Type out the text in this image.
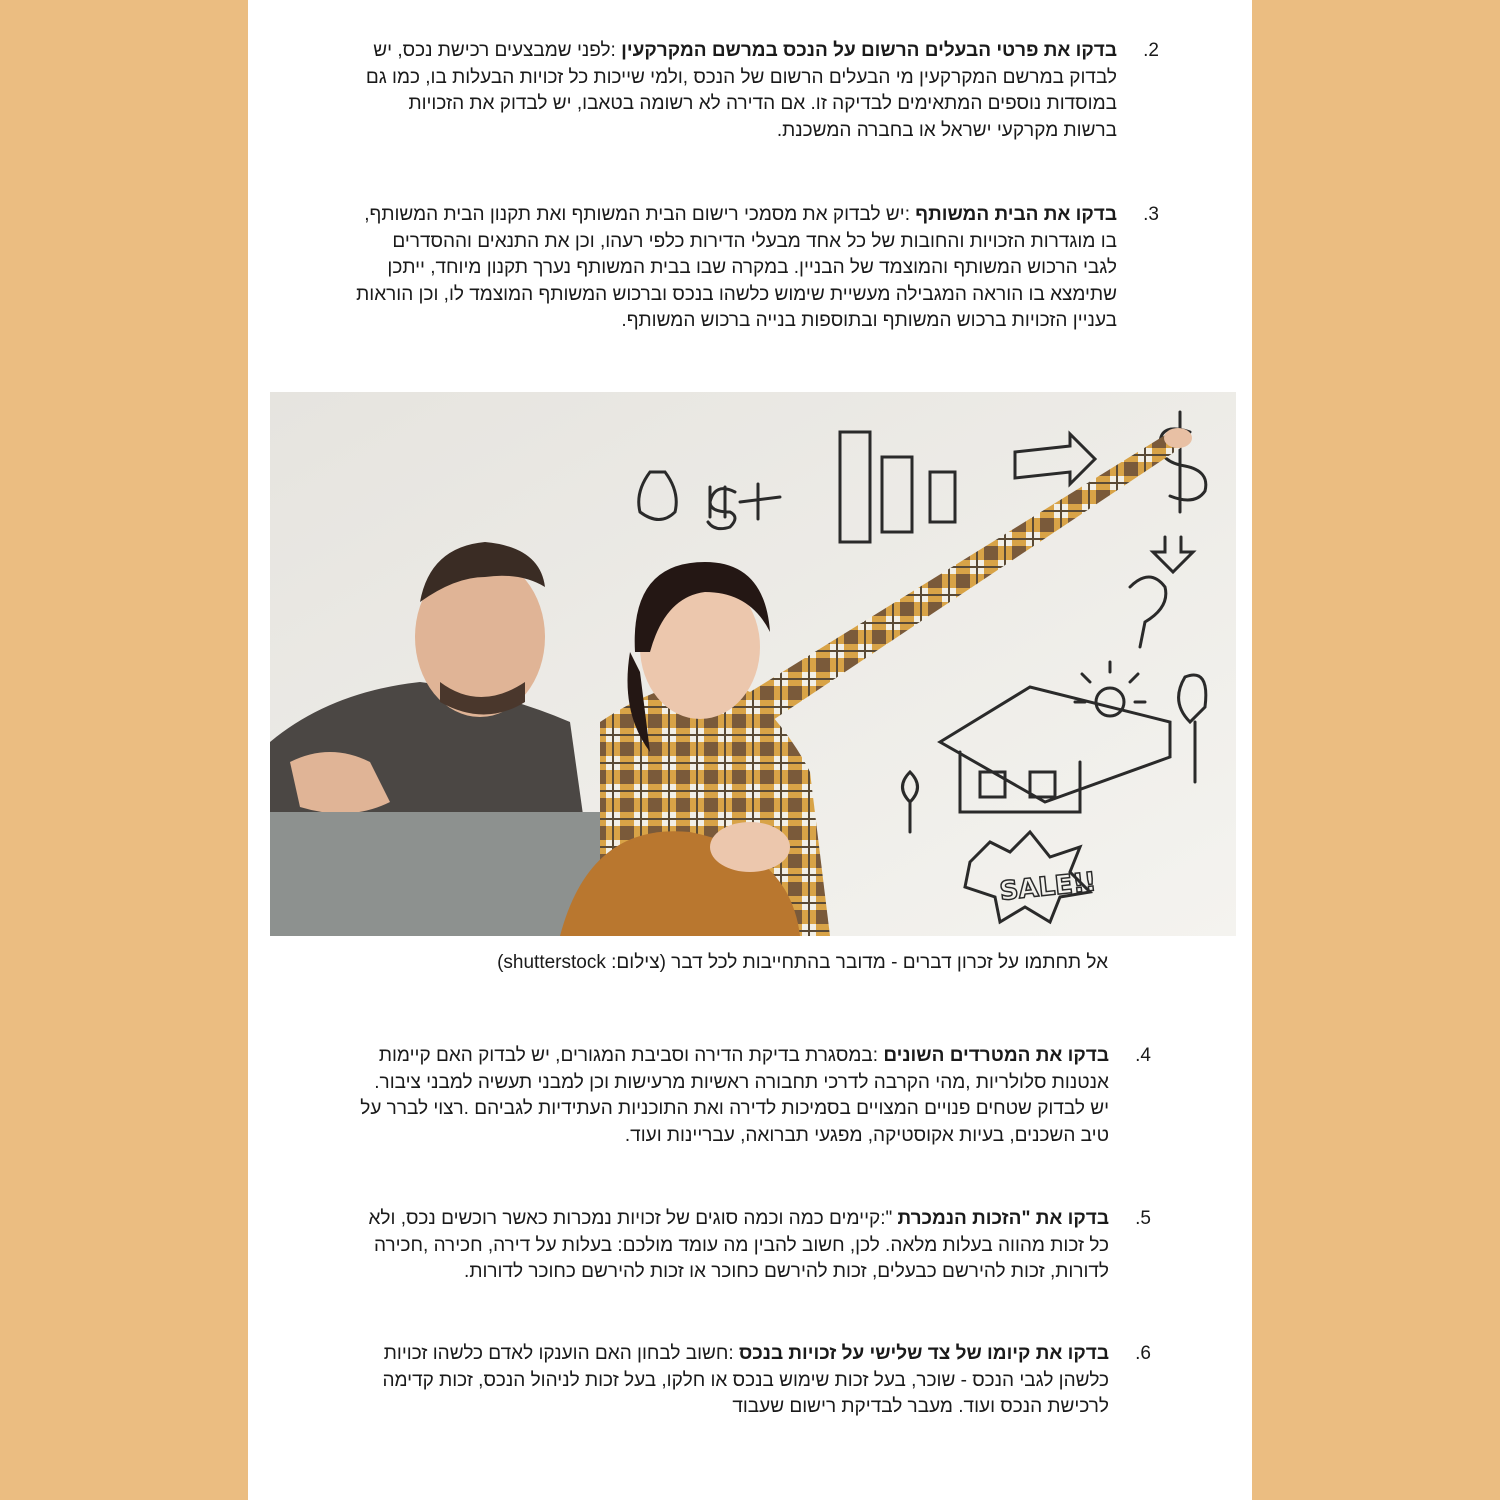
.2
בדקו את פרטי הבעלים הרשום על הנכס במרשם המקרקעין :לפני שמבצעים רכישת נכס, יש לבדוק במרשם המקרקעין מי הבעלים הרשום של הנכס ,ולמי שייכות כל זכויות הבעלות בו, כמו גם במוסדות נוספים המתאימים לבדיקה זו. אם הדירה לא רשומה בטאבו, יש לבדוק את הזכויות ברשות מקרקעי ישראל או בחברה המשכנת.
.3
בדקו את הבית המשותף :יש לבדוק את מסמכי רישום הבית המשותף ואת תקנון הבית המשותף, בו מוגדרות הזכויות והחובות של כל אחד מבעלי הדירות כלפי רעהו, וכן את התנאים וההסדרים לגבי הרכוש המשותף והמוצמד של הבניין. במקרה שבו בבית המשותף נערך תקנון מיוחד, ייתכן שתימצא בו הוראה המגבילה מעשיית שימוש כלשהו בנכס וברכוש המשותף המוצמד לו, וכן הוראות בעניין הזכויות ברכוש המשותף ובתוספות בנייה ברכוש המשותף.
SALE!!
אל תחתמו על זכרון דברים - מדובר בהתחייבות לכל דבר (צילום: shutterstock)
.4
בדקו את המטרדים השונים :במסגרת בדיקת הדירה וסביבת המגורים, יש לבדוק האם קיימות אנטנות סלולריות ,מהי הקרבה לדרכי תחבורה ראשיות מרעישות וכן למבני תעשיה למבני ציבור. יש לבדוק שטחים פנויים המצויים בסמיכות לדירה ואת התוכניות העתידיות לגביהם .רצוי לברר על טיב השכנים, בעיות אקוסטיקה, מפגעי תברואה, עבריינות ועוד.
.5
בדקו את "הזכות הנמכרת ":קיימים כמה וכמה סוגים של זכויות נמכרות כאשר רוכשים נכס, ולא כל זכות מהווה בעלות מלאה. לכן, חשוב להבין מה עומד מולכם: בעלות על דירה, חכירה ,חכירה לדורות, זכות להירשם כבעלים, זכות להירשם כחוכר או זכות להירשם כחוכר לדורות.
.6
בדקו את קיומו של צד שלישי על זכויות בנכס :חשוב לבחון האם הוענקו לאדם כלשהו זכויות כלשהן לגבי הנכס - שוכר, בעל זכות שימוש בנכס או חלקו, בעל זכות לניהול הנכס, זכות קדימה לרכישת הנכס ועוד. מעבר לבדיקת רישום שעבוד
